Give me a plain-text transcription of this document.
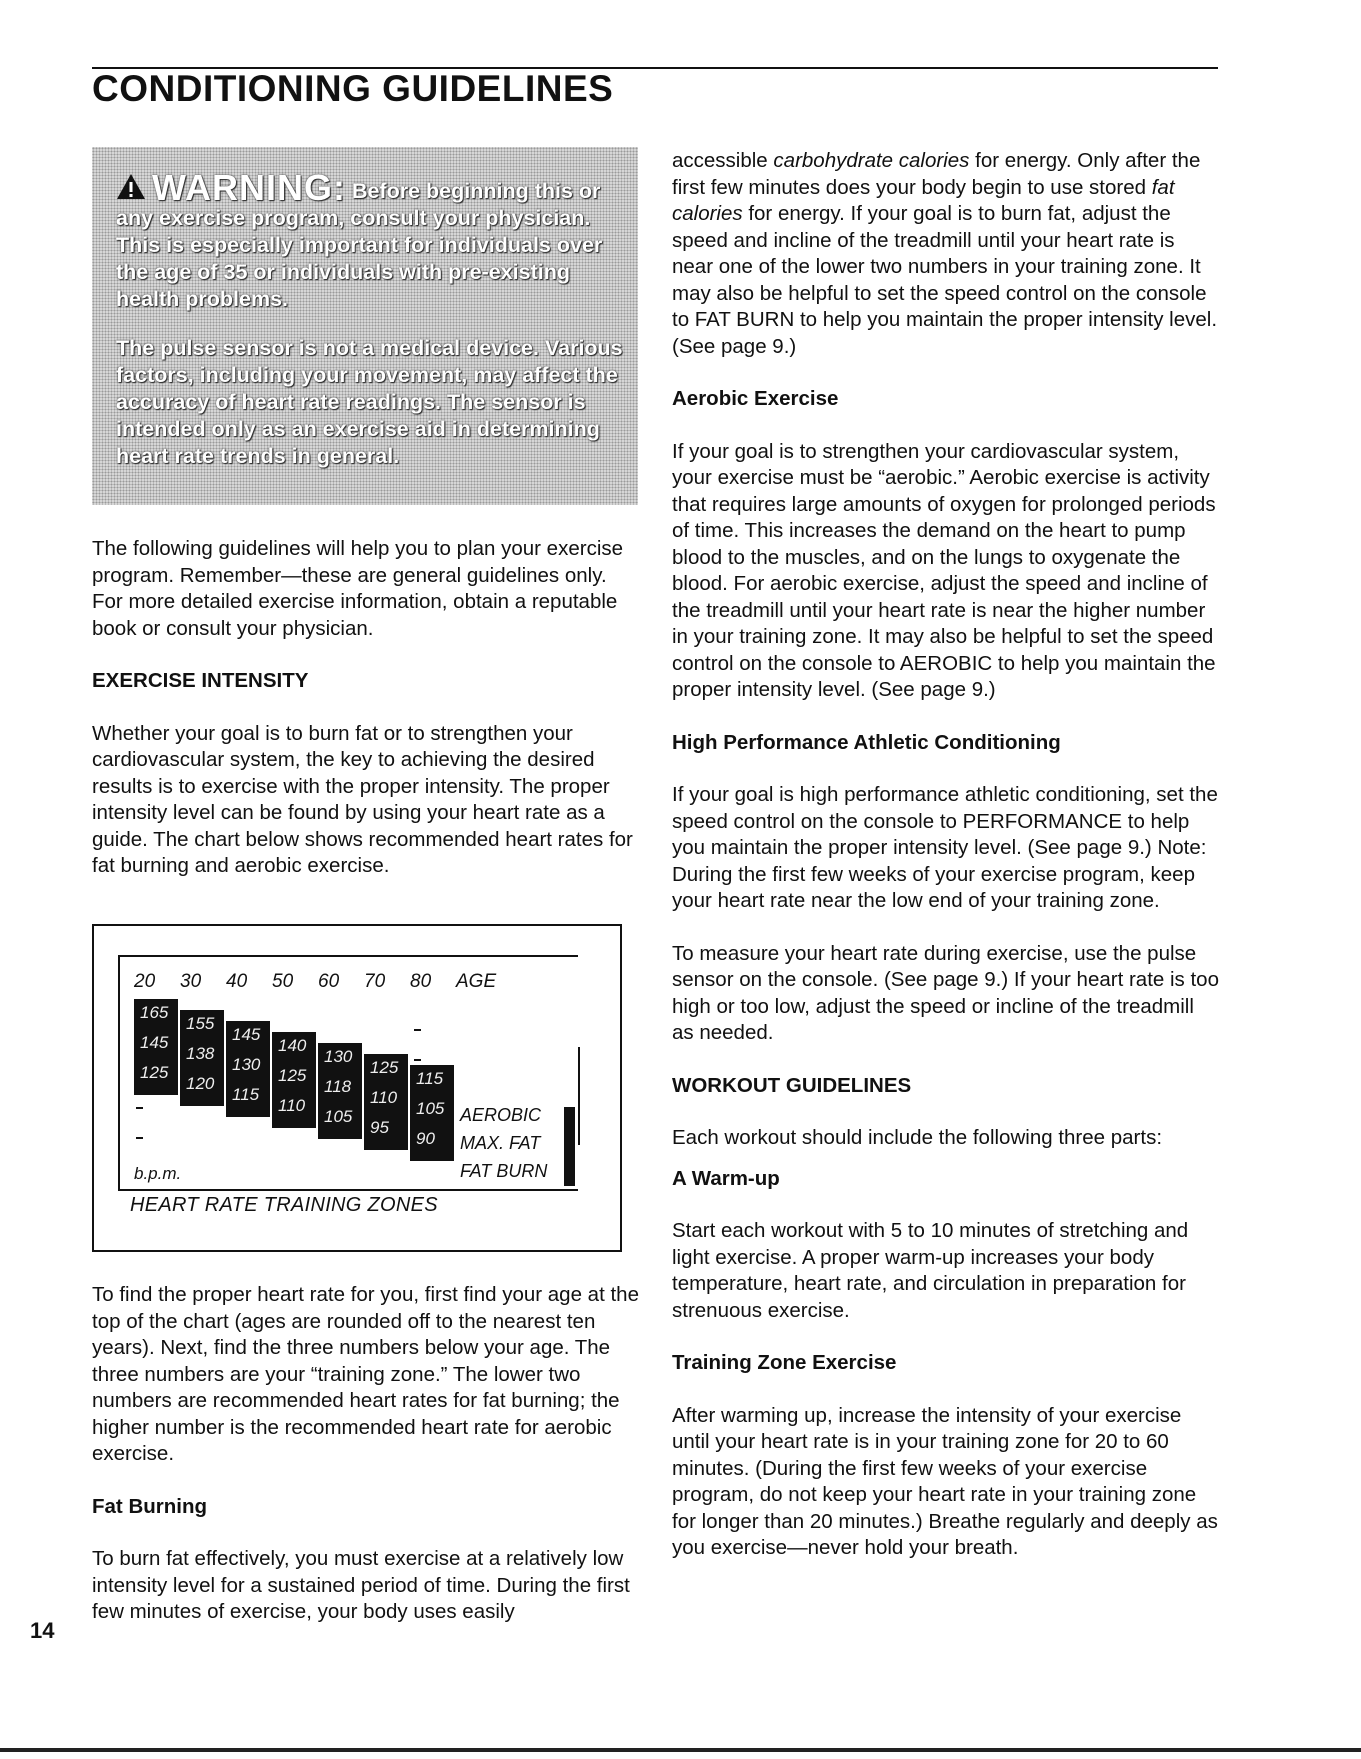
CONDITIONING GUIDELINES
WARNING: Before beginning this or any exercise program, consult your physician. This is especially important for individuals over the age of 35 or individuals with pre-existing health problems.
The pulse sensor is not a medical device. Various factors, including your movement, may affect the accuracy of heart rate readings. The sensor is intended only as an exercise aid in determining heart rate trends in general.

The following guidelines will help you to plan your exercise program. Remember—these are general guidelines only. For more detailed exercise information, obtain a reputable book or consult your physician.

EXERCISE INTENSITY

Whether your goal is to burn fat or to strengthen your cardiovascular system, the key to achieving the desired results is to exercise with the proper intensity. The proper intensity level can be found by using your heart rate as a guide. The chart below shows recommended heart rates for fat burning and aerobic exercise.

20 30 40 50 60 70 80 AGE
165
145
125
155
138
120
145
130
115
140
125
110
130
118
105
125
110
95
115
105
90
AEROBIC
MAX. FAT
FAT BURN
b.p.m.
HEART RATE TRAINING ZONES

To find the proper heart rate for you, first find your age at the top of the chart (ages are rounded off to the nearest ten years). Next, find the three numbers below your age. The three numbers are your “training zone.” The lower two numbers are recommended heart rates for fat burning; the higher number is the recommended heart rate for aerobic exercise.

Fat Burning

To burn fat effectively, you must exercise at a relatively low intensity level for a sustained period of time. During the first few minutes of exercise, your body uses easily

accessible carbohydrate calories for energy. Only after the first few minutes does your body begin to use stored fat calories for energy. If your goal is to burn fat, adjust the speed and incline of the treadmill until your heart rate is near one of the lower two numbers in your training zone. It may also be helpful to set the speed control on the console to FAT BURN to help you maintain the proper intensity level. (See page 9.)

Aerobic Exercise

If your goal is to strengthen your cardiovascular system, your exercise must be “aerobic.” Aerobic exercise is activity that requires large amounts of oxygen for prolonged periods of time. This increases the demand on the heart to pump blood to the muscles, and on the lungs to oxygenate the blood. For aerobic exercise, adjust the speed and incline of the treadmill until your heart rate is near the higher number in your training zone. It may also be helpful to set the speed control on the console to AEROBIC to help you maintain the proper intensity level. (See page 9.)

High Performance Athletic Conditioning

If your goal is high performance athletic conditioning, set the speed control on the console to PERFORMANCE to help you maintain the proper intensity level. (See page 9.) Note: During the first few weeks of your exercise program, keep your heart rate near the low end of your training zone.

To measure your heart rate during exercise, use the pulse sensor on the console. (See page 9.) If your heart rate is too high or too low, adjust the speed or incline of the treadmill as needed.

WORKOUT GUIDELINES

Each workout should include the following three parts:

A Warm-up

Start each workout with 5 to 10 minutes of stretching and light exercise. A proper warm-up increases your body temperature, heart rate, and circulation in preparation for strenuous exercise.

Training Zone Exercise

After warming up, increase the intensity of your exercise until your heart rate is in your training zone for 20 to 60 minutes. (During the first few weeks of your exercise program, do not keep your heart rate in your training zone for longer than 20 minutes.) Breathe regularly and deeply as you exercise—never hold your breath.

14
